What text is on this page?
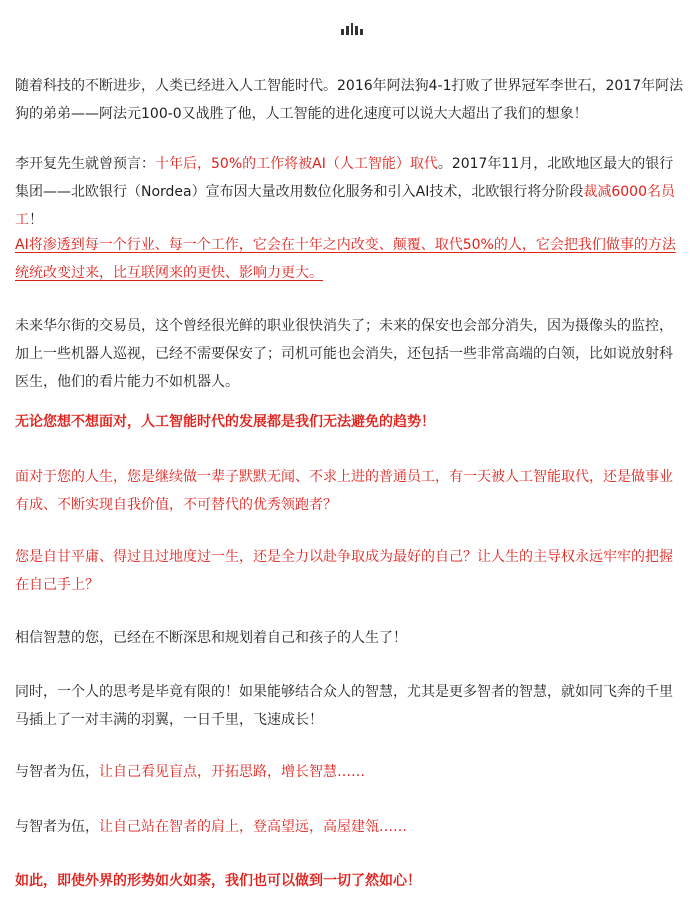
随着科技的不断进步，人类已经进入人工智能时代。2016年阿法狗4-1打败了世界冠军李世石，2017年阿法狗的弟弟——阿法元100-0又战胜了他，人工智能的进化速度可以说大大超出了我们的想象！

李开复先生就曾预言：十年后，50%的工作将被AI（人工智能）取代。2017年11月，北欧地区最大的银行集团——北欧银行（Nordea）宣布因大量改用数位化服务和引入AI技术，北欧银行将分阶段裁减6000名员工！

AI将渗透到每一个行业、每一个工作，它会在十年之内改变、颠覆、取代50%的人，它会把我们做事的方法统统改变过来，比互联网来的更快、影响力更大。

未来华尔街的交易员，这个曾经很光鲜的职业很快消失了；未来的保安也会部分消失，因为摄像头的监控，加上一些机器人巡视，已经不需要保安了；司机可能也会消失，还包括一些非常高端的白领，比如说放射科医生，他们的看片能力不如机器人。

无论您想不想面对，人工智能时代的发展都是我们无法避免的趋势！

面对于您的人生，您是继续做一辈子默默无闻、不求上进的普通员工，有一天被人工智能取代，还是做事业有成、不断实现自我价值，不可替代的优秀领跑者？

您是自甘平庸、得过且过地度过一生，还是全力以赴争取成为最好的自己？让人生的主导权永远牢牢的把握在自己手上？

相信智慧的您，已经在不断深思和规划着自己和孩子的人生了！

同时，一个人的思考是毕竟有限的！如果能够结合众人的智慧，尤其是更多智者的智慧，就如同飞奔的千里马插上了一对丰满的羽翼，一日千里，飞速成长！

与智者为伍，让自己看见盲点，开拓思路，增长智慧……

与智者为伍，让自己站在智者的肩上，登高望远，高屋建瓴……

如此，即使外界的形势如火如荼，我们也可以做到一切了然如心！
